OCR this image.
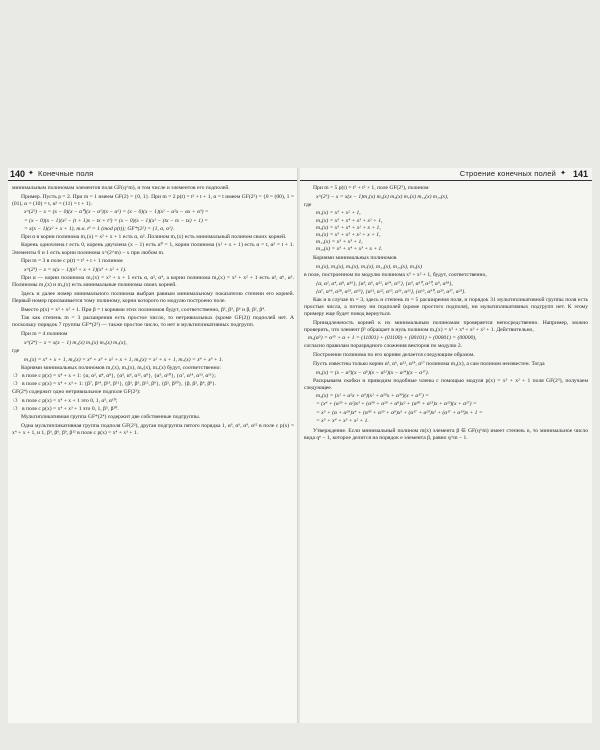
140 ✦ Конечные поля

минимальным полиномам элементов поля GF(q^m), и том числе и элементов его подполей.

Пример. Пусть p = 2. При m = 1 имеем GF(2) = {0, 1}. При m = 2 p(t) = t² + t + 1, α = t имеем GF(2²) = {0 = (00), 1 = (01), α = (10) = t, α² = (11) = t + 1}.

x^(2²) − x = (x − 0)(x − α⁰)(x − α¹)(x − α²) = (x − 0)(x − 1)(x² − α²x − αx + α³) =
= (x − 0)(x − 1)(x² − (t + 1)x − tx + t³) = (x − 0)(x − 1)(x² − (tx − tx − tx) + 1) =
= x(x − 1)(x² + x + 1), т.к. t³ = 1 (mod p(t)); GF*(2²) = {1, α, α²}.

При α в корни полинома m₁(x) = x² + x + 1 есть α, α². Полином m₁(x) есть минимальный полином своих корней.

Корень одночлена t есть 0, корень двучлена (x − 1) есть α⁰ = 1, корни полинома (x² + x + 1) есть α = t, α² = t + 1. Элементы 0 и 1 есть корни полинома x^(2^m) − x при любом m.

При m = 3 в поле с p(t) = t³ + t + 1 полином

x^(2³) − x = x(x − 1)(x³ + x + 1)(x³ + x² + 1).

При α — корни полинома m₁(x) = x³ + x + 1 есть α, α², α⁴, а корни полинома m₃(x) = x³ + x² + 1 есть α³, α⁶, α⁵. Полиномы m₁(x) и m₃(x) есть минимальные полиномы своих корней.

Здесь и далее номер минимального полинома выбран равным минимальному показателю степени его корней. Первый номер присваивается тому полиному, корни которого по модулю построено поле.

Вместо p(x) = x³ + x² + 1. При β = t корнями этих полиномов будут, соответственно, β³, β⁵, β⁶ и β, β², β⁴.

Так как степень m = 3 расширения есть простое число, то нетривиальных (кроме GF(2)) подполей нет. А поскольку порядок 7 группы GF*(2³) — также простое число, то нет и мультипликативных подгрупп.

При m = 4 полином

x^(2⁴) − x = x(x − 1) m₁(x) m₃(x) m₅(x) m₇(x),

где

m₁(x) = x⁴ + x + 1, m₃(x) = x⁴ + x³ + x² + x + 1, m₅(x) = x² + x + 1, m₇(x) = x⁴ + x³ + 1.

Корнями минимальных полиномов m₁(x), m₃(x), m₅(x), m₇(x) будут, соответственно:

❍ в поле с p(x) = x⁴ + x + 1: {α, α², α⁴, α⁸}, {α³, α⁶, α¹², α⁹}, {α⁵, α¹⁰}, {α⁷, α¹⁴, α¹³, α¹¹};
❍ в поле с p(x) = x⁴ + x³ + 1: {β⁷, β¹⁴, β¹³, β¹¹}, {β³, β⁶, β¹², β⁹}, {β⁵, β¹⁰}, {β, β², β⁴, β⁸}.

GF(2⁴) содержит одно нетривиальное подполе GF(2²):

❍ в поле с p(x) = x⁴ + x + 1 это 0, 1, α⁵, α¹⁰;
❍ в поле с p(x) = x⁴ + x³ + 1 это 0, 1, β⁵, β¹⁰.

Мультипликативная группа GF*(2⁴) содержит две собственные подгруппы.

Одна мультипликативная группа подполя GF(2²), другая подгруппа пятого порядка 1, α³, α⁶, α⁹, α¹² в поле с p(x) = x⁴ + x + 1, и 1, β³, β⁶, β⁹, β¹² в поле с p(x) = x⁴ + x³ + 1.

Строение конечных полей ✦ 141

При m = 5 p(t) = t⁵ + t² + 1, поле GF(2⁵), полином

x^(2⁵) − x = x(x − 1)m₁(x) m₃(x) m₅(x) m₇(x) m₁₁(x) m₁₅(x),

где

m₁(x) = x⁵ + x² + 1,
m₃(x) = x⁵ + x⁴ + x³ + x² + 1,
m₅(x) = x⁵ + x⁴ + x² + x + 1,
m₇(x) = x⁵ + x³ + x² + x + 1,
m₁₁(x) = x⁵ + x³ + 1,
m₁₅(x) = x⁵ + x⁴ + x³ + x + 1.

Корнями минимальных полиномов

m₁(x), m₃(x), m₅(x), m₇(x), m₁₁(x), m₁₅(x), m₃(x)

в поле, построенном по модулю полинома x⁵ + x² + 1, будут, соответственно,

{α, α², α⁴, α⁸, α¹⁶}, {α³, α⁶, α¹², α²⁴, α¹⁷}, {α⁵, α¹⁰, α²⁰, α⁹, α¹⁸},
{α⁷, α¹⁴, α²⁸, α²⁵, α¹⁹}, {α¹¹, α²², α¹³, α²⁶, α²¹}, {α¹⁵, α³⁰, α²⁹, α²⁷, α²³}.

Как и в случае m = 3, здесь и степень m = 5 расширения поля, и порядок 31 мультипликативной группы поля есть простые числа, а потому ни подполей (кроме простого подполя), ни мультипликативных подгрупп нет. К этому примеру еще будет повод вернуться.

Принадлежность корней к их минимальным полиномам проверяется непосредственно. Например, можно проверить, что элемент β⁵ обращает в нуль полином m₃(x) = x⁵ + x⁴ + x³ + x² + 1. Действительно,

m₃(α⁵) = α¹⁵ + α + 1 = (11001) + (01100) + (00101) + (00001) = (00000),

согласно правилам поразрядного сложения векторов по модулю 2.

Построение полинома по его корням делается следующим образом.

Пусть известны только корни α³, α⁶, α¹², α²⁴, α¹⁷ полинома m₃(x), а сам полином неизвестен. Тогда

m₃(x) = (x − α³)(x − α⁶)(x − α¹²)(x − α²⁴)(x − α¹⁷).

Раскрываем скобки и приводим подобные члены с помощью модуля p(x) = x⁵ + x² + 1 поля GF(2⁵), получаем следующее.

m₃(x) = (x² + α²x + α⁹)(x² + α²⁹x + α³⁹)(x + α¹⁷) =
= (x⁴ + (α²⁹ + α²)x³ + (α³⁹ + α²⁹ + α⁹)x² + (α³⁹ + α¹³)x + α¹³)(x + α¹⁷) =
= x⁵ + (α + α²⁹)x⁴ + (α³⁹ + α²⁹ + α⁹)x³ + (α¹⁷ + α²³)x² + (α¹⁷ + α¹³)x + 1 =
= x⁵ + x⁴ + x³ + x² + 1.

Утверждение. Если минимальный полином m(x) элемента β ∈ GF(q^m) имеет степень n, то минимальное число вида qⁿ − 1, которое делится на порядок e элемента β, равно q^m − 1.
